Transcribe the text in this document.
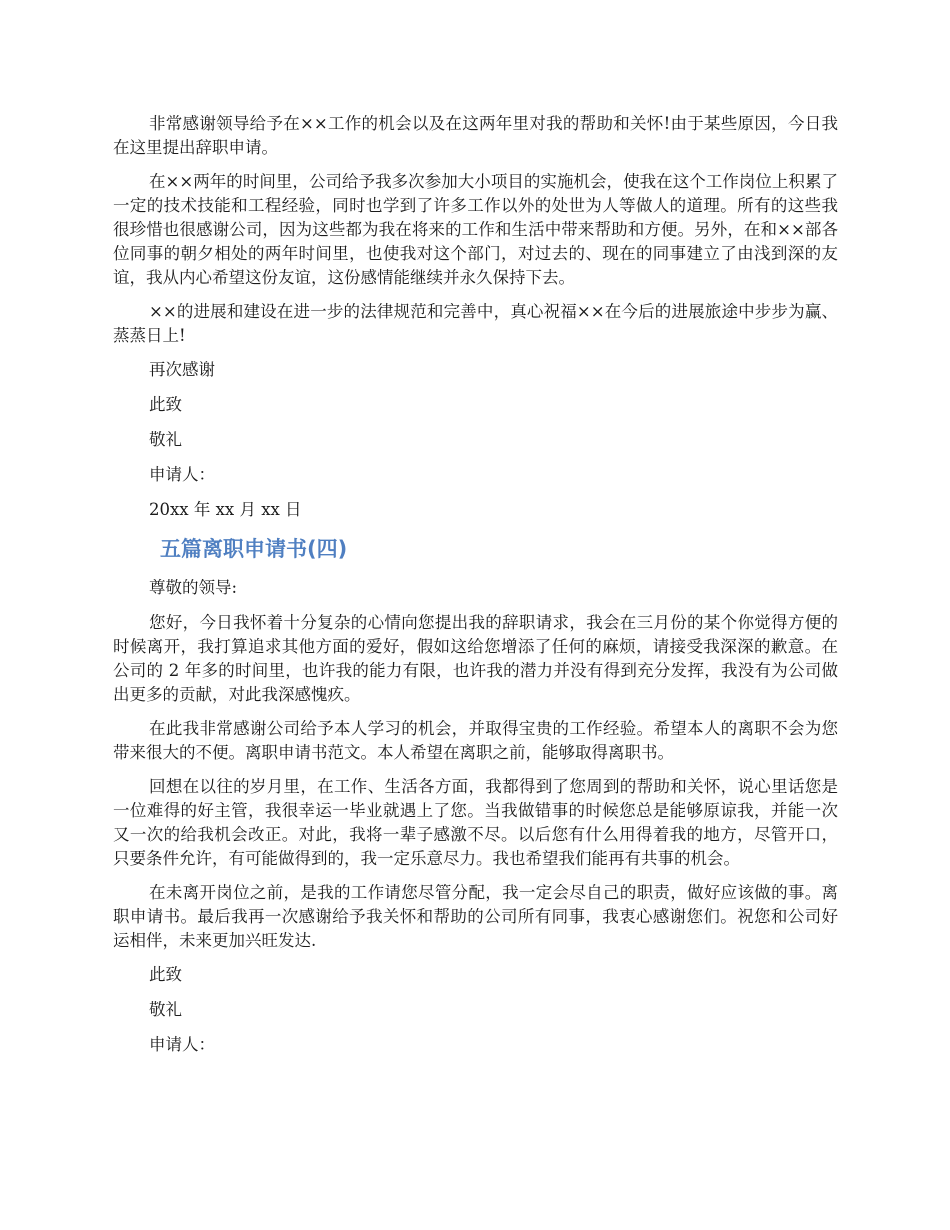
非常感谢领导给予在××工作的机会以及在这两年里对我的帮助和关怀!由于某些原因，今日我在这里提出辞职申请。

在××两年的时间里，公司给予我多次参加大小项目的实施机会，使我在这个工作岗位上积累了一定的技术技能和工程经验，同时也学到了许多工作以外的处世为人等做人的道理。所有的这些我很珍惜也很感谢公司，因为这些都为我在将来的工作和生活中带来帮助和方便。另外，在和××部各位同事的朝夕相处的两年时间里，也使我对这个部门，对过去的、现在的同事建立了由浅到深的友谊，我从内心希望这份友谊，这份感情能继续并永久保持下去。

××的进展和建设在进一步的法律规范和完善中，真心祝福××在今后的进展旅途中步步为赢、蒸蒸日上!

再次感谢

此致

敬礼

申请人：

20xx 年 xx 月 xx 日

五篇离职申请书(四)

尊敬的领导:

您好，今日我怀着十分复杂的心情向您提出我的辞职请求，我会在三月份的某个你觉得方便的时候离开，我打算追求其他方面的爱好，假如这给您增添了任何的麻烦，请接受我深深的歉意。在公司的 2 年多的时间里，也许我的能力有限，也许我的潜力并没有得到充分发挥，我没有为公司做出更多的贡献，对此我深感愧疚。

在此我非常感谢公司给予本人学习的机会，并取得宝贵的工作经验。希望本人的离职不会为您带来很大的不便。离职申请书范文。本人希望在离职之前，能够取得离职书。

回想在以往的岁月里，在工作、生活各方面，我都得到了您周到的帮助和关怀，说心里话您是一位难得的好主管，我很幸运一毕业就遇上了您。当我做错事的时候您总是能够原谅我，并能一次又一次的给我机会改正。对此，我将一辈子感激不尽。以后您有什么用得着我的地方，尽管开口，只要条件允许，有可能做得到的，我一定乐意尽力。我也希望我们能再有共事的机会。

在未离开岗位之前，是我的工作请您尽管分配，我一定会尽自己的职责，做好应该做的事。离职申请书。最后我再一次感谢给予我关怀和帮助的公司所有同事，我衷心感谢您们。祝您和公司好运相伴，未来更加兴旺发达.

此致

敬礼

申请人：
